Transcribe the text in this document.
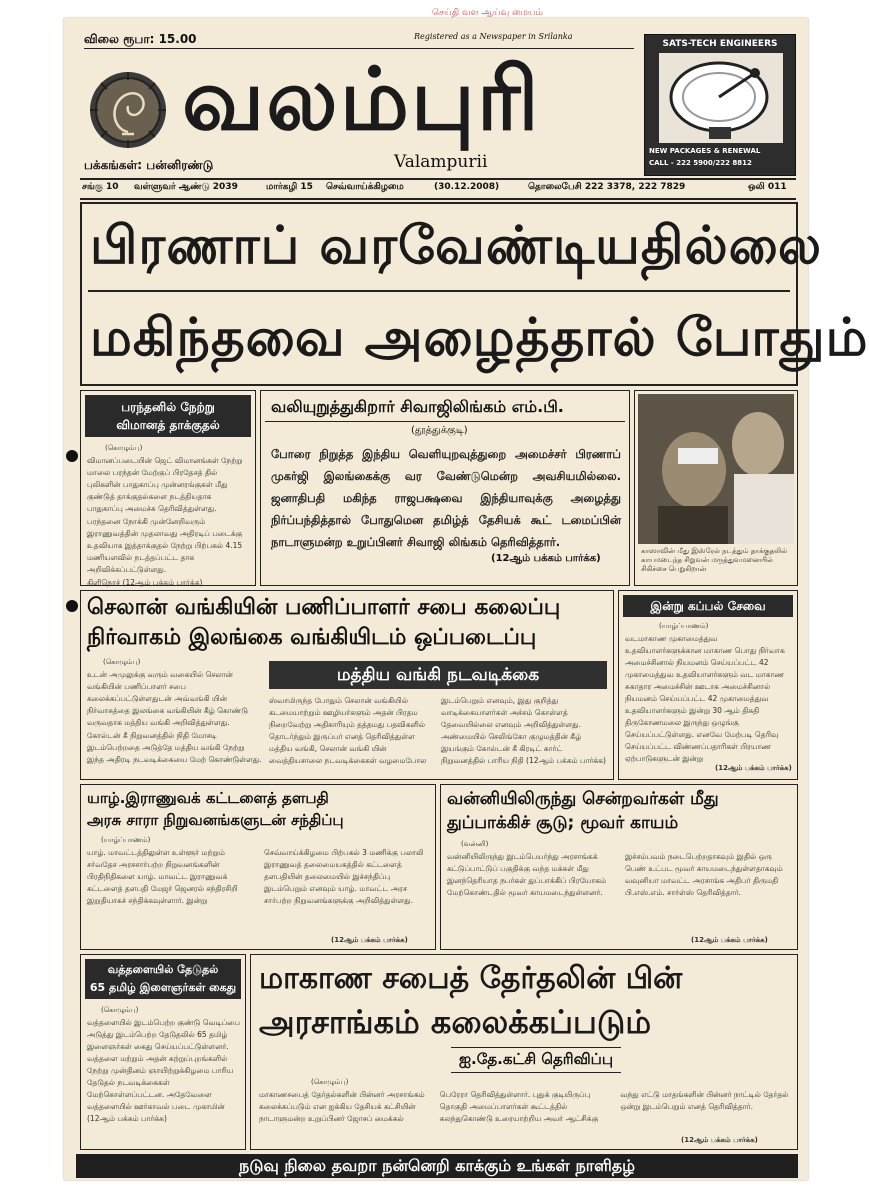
செய்தி வள ஆய்வு மையம்
விலை ரூபா: 15.00	Registered as a Newspaper in Srilanka
வலம்புரி
பக்கங்கள்: பன்னிரண்டு	Valampurii
SATS-TECH ENGINEERS
NEW PACKAGES & RENEWAL
CALL - 222 5900/222 8812
சங்கு 10 வள்ளுவர் ஆண்டு 2039	மார்கழி 15 செவ்வாய்க்கிழமை	(30.12.2008)	தொலைபேசி 222 3378, 222 7829	ஒலி 011
பிரணாப் வரவேண்டியதில்லை
மகிந்தவை அழைத்தால் போதும்
பரந்தனில் நேற்று
விமானத் தாக்குதல்
(கொழும்பு)

விமானப்படையின் ஜெட் விமானங்கள் நேற்று மாலை பரந்தன் மேற்குப் பிரதேசத் தில் புலிகளின் பாதுகாப்பு முன்னரங்குகள் மீது குண்டுத் தாக்குதல்களை நடத்தியதாக பாதுகாப்பு அமைச்சு தெரிவித்துள்ளது.

பரந்தனை நோக்கி முன்னேறிவரும் இராணுவத்தின் முதலாவது அதிரடிப் படைக்கு உதவியாக இத்தாக்குதல் நேற்று பிற்பகல் 4.15 மணியளவில் நடத்தப்பட்ட தாக அறிவிக்கப்பட்டுள்ளது.

கிளிநொச் (12ஆம் பக்கம் பார்க்க)

வலியுறுத்துகிறார் சிவாஜிலிங்கம் எம்.பி.
(தூத்துக்குடி)
போரை நிறுத்த இந்திய வெளியுறவுத்துறை அமைச்சர் பிரணாப் முகர்ஜி இலங்கைக்கு வர வேண்டுமென்ற அவசியமில்லை. ஜனாதிபதி மகிந்த ராஜபக்ஷவை இந்தியாவுக்கு அழைத்து நிர்ப்பந்தித்தால் போதுமென தமிழ்த் தேசியக் கூட் டமைப்பின் நாடாளுமன்ற உறுப்பினர் சிவாஜி லிங்கம் தெரிவித்தார்.
(12ஆம் பக்கம் பார்க்க)
காஸாவின் மீது இஸ்ரேல் நடத்தும் தாக்குதலில் காயமடைந்த சிறுவன் மருத்துவமனையில் சிகிச்சை பெறுகிறான்
செலான் வங்கியின் பணிப்பாளர் சபை கலைப்பு
நிர்வாகம் இலங்கை வங்கியிடம் ஒப்படைப்பு
(கொழும்பு)

உடன் அமுலுக்கு வரும் வகையில் செலான் வங்கியின் பணிப்பாளர் சபை கலைக்கப்பட்டுள்ளதுடன் அவ்வங்கி யின் நிர்வாகத்தை இலங்கை வங்கியின் கீழ் கொண்டு வருவதாக மத்திய வங்கி அறிவித்துள்ளது.

கோல்டன் கீ நிறுவனத்தில் நிதி மோசடி இடம்பெற்றதை அடுத்தே மத்திய வங்கி நேற்று இந்த அதிரடி நடவடிக்கையை மேற் கொண்டுள்ளது.

மத்திய வங்கி நடவடிக்கை
ஸ்வாமிருந்த போதும் செலான் வங்கியில் கடமையாற்றும் ஊழியர்களும் அதன் பிரதம நிறைவேற்று அதிகாரியும் தத்தமது பதவிகளில் தொடர்ந்தும் இருப்பர் எனத் தெரிவித்துள்ள மத்திய வங்கி, செலான் வங்கி யின் வைத்தியசாலை நடவடிக்கைகள் வழமைபோல
இடம்பெறும் எனவும், இது குறித்து வாடிக்கையாளர்கள் அச்சம் கொள்ளத் தேவையில்லை எனவும் அறிவித்துள்ளது. அண்மையில் செலிங்கோ குழுமத்தின் கீழ் இயங்கும் கோல்டன் கீ கிரடிட் கார்ட் நிறுவனத்தில் பாரிய நிதி (12ஆம் பக்கம் பார்க்க)
இன்று கப்பல் சேவை
(யாழ்ப்பாணம்)
வடமாகாண முகாமைத்துவ உதவியாளர்களுக்கான மாகாண பொது நிர்வாக அமைச்சினால் நியமனம் செய்யப்பட்ட 42 முகாமைத்துவ உதவியாளர்களும் வட மாகாண சுகாதார அமைச்சின் ஊடாக அமைச்சினால் நியமனம் செய்யப்பட்ட 42 முகாமைத்துவ உதவியாளர்களும் இன்று 30 ஆம் திகதி திருகோணமலை இருந்து ஒழுங்கு செய்யப்பட்டுள்ளது. எனவே மேற்படி தெரிவு செய்யப்பட்ட விண்ணப்பதாரிகள் பிரயாண ஏற்பாடுகளுடன் இன்று
(12ஆம் பக்கம் பார்க்க)
யாழ்.இராணுவக் கட்டளைத் தளபதி
அரசு சாரா நிறுவனங்களுடன் சந்திப்பு
(யாழ்ப்பாணம்)
யாழ். மாவட்டத்திலுள்ள உள்ளூர் மற்றும் சர்வதேச அரசசார்பற்ற நிறுவனங்களின் பிரதிநிதிகளை யாழ். மாவட்ட இராணுவக் கட்டளைத் தளபதி மேஜர் ஜெனரல் சந்திரசிறி இறுதியாகச் சந்திக்கவுள்ளார். இன்று செவ்வாய்க்கிழமை பிற்பகல் 3 மணிக்கு பலாலி இராணுவத் தலைமையகத்தில் கட்டளைத் தளபதியின் தலைமையில் இச்சந்திப்பு இடம்பெறும் எனவும் யாழ். மாவட்ட அரச சார்பற்ற நிறுவனங்களுக்கு அறிவித்துள்ளது.
(12ஆம் பக்கம் பார்க்க)
வன்னியிலிருந்து சென்றவர்கள் மீது
துப்பாக்கிச் சூடு; மூவர் காயம்
(வன்னி)
வன்னியிலிருந்து இடம்பெயர்ந்து அரசாங்கக் கட்டுப்பாட்டுப் பகுதிக்கு வந்த மக்கள் மீது இனந்தெரியாத நபர்கள் துப்பாக்கிப் பிரயோகம் மேற்கொண்டதில் மூவர் காயமடைந்துள்ளனர். இச்சம்பவம் நடைபெற்றதாகவும் இதில் ஒரு பெண் உட்பட மூவர் காயமடைந்துள்ளதாகவும் வவுனியா மாவட்ட அரசாங்க அதிபர் திருமதி பி.எஸ்.எம். சார்ள்ஸ் தெரிவித்தார்.
(12ஆம் பக்கம் பார்க்க)
வத்தளையில் தேடுதல்
65 தமிழ் இளைஞர்கள் கைது
(கொழும்பு)
வத்தளையில் இடம்பெற்ற குண்டு வெடிப்பை அடுத்து இடம்பெற்ற தேடுதலில் 65 தமிழ் இளைஞர்கள் கைது செய்யப்பட்டுள்ளனர். வத்தளை மற்றும் அதன் சுற்றுப்புறங்களில் நேற்று முன்தினம் ஞாயிற்றுக்கிழமை பாரிய தேடுதல் நடவடிக்கைகள் மேற்கொள்ளப்பட்டன. அதேவேளை வத்தளையில் ஊர்காவல் படை முகாமின் (12ஆம் பக்கம் பார்க்க)
மாகாண சபைத் தேர்தலின் பின்
அரசாங்கம் கலைக்கப்படும்
ஐ.தே.கட்சி தெரிவிப்பு
(கொழும்பு)
மாகாணசபைத் தேர்தல்களின் பின்னர் அரசாங்கம் கலைக்கப்படும் என ஐக்கிய தேசியக் கட்சியின் நாடாளுமன்ற உறுப்பினர் ஜோசப் மைக்கல் பெரேரா தெரிவித்துள்ளார். புதுக் குடியிருப்பு தொகுதி அமைப்பாளர்கள் கூட்டத்தில் கலந்துகொண்டு உரையாற்றிய அவர் ஆட்சிக்கு வந்து எட்டு மாதங்களின் பின்னர் நாட்டில் தேர்தல் ஒன்று இடம்பெறும் எனத் தெரிவித்தார்.
(12ஆம் பக்கம் பார்க்க)
நடுவு நிலை தவறா நன்னெறி காக்கும் உங்கள் நாளிதழ்
